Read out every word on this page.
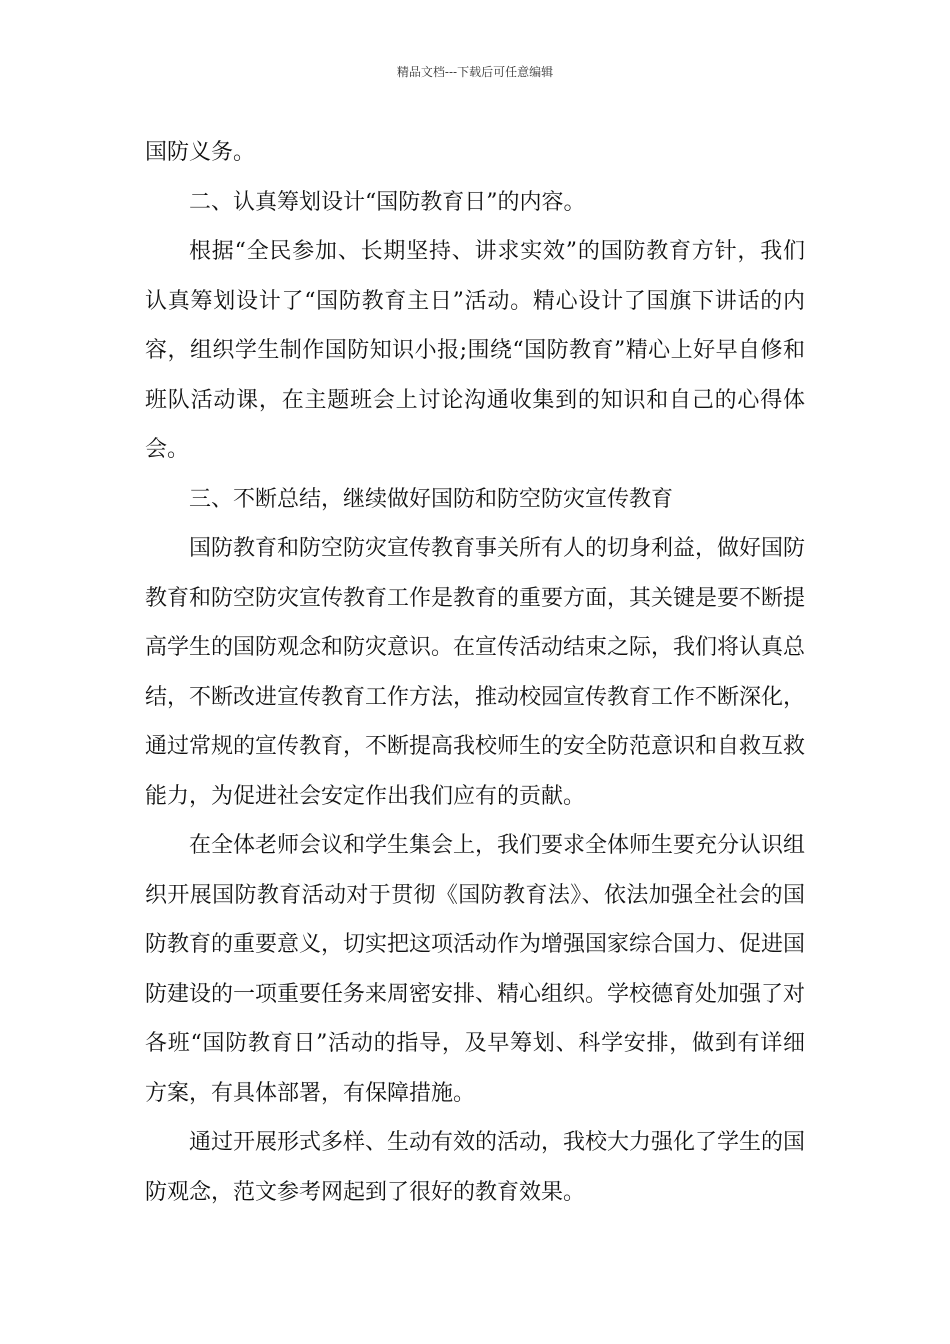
精品文档---下载后可任意编辑

国防义务。

二、认真筹划设计“国防教育日”的内容。

根据“全民参加、长期坚持、讲求实效”的国防教育方针，我们认真筹划设计了“国防教育主日”活动。精心设计了国旗下讲话的内容，组织学生制作国防知识小报;围绕“国防教育”精心上好早自修和班队活动课，在主题班会上讨论沟通收集到的知识和自己的心得体会。

三、不断总结，继续做好国防和防空防灾宣传教育

国防教育和防空防灾宣传教育事关所有人的切身利益，做好国防教育和防空防灾宣传教育工作是教育的重要方面，其关键是要不断提高学生的国防观念和防灾意识。在宣传活动结束之际，我们将认真总结，不断改进宣传教育工作方法，推动校园宣传教育工作不断深化，通过常规的宣传教育，不断提高我校师生的安全防范意识和自救互救能力，为促进社会安定作出我们应有的贡献。

在全体老师会议和学生集会上，我们要求全体师生要充分认识组织开展国防教育活动对于贯彻《国防教育法》、依法加强全社会的国防教育的重要意义，切实把这项活动作为增强国家综合国力、促进国防建设的一项重要任务来周密安排、精心组织。学校德育处加强了对各班“国防教育日”活动的指导，及早筹划、科学安排，做到有详细方案，有具体部署，有保障措施。

通过开展形式多样、生动有效的活动，我校大力强化了学生的国防观念，范文参考网起到了很好的教育效果。
